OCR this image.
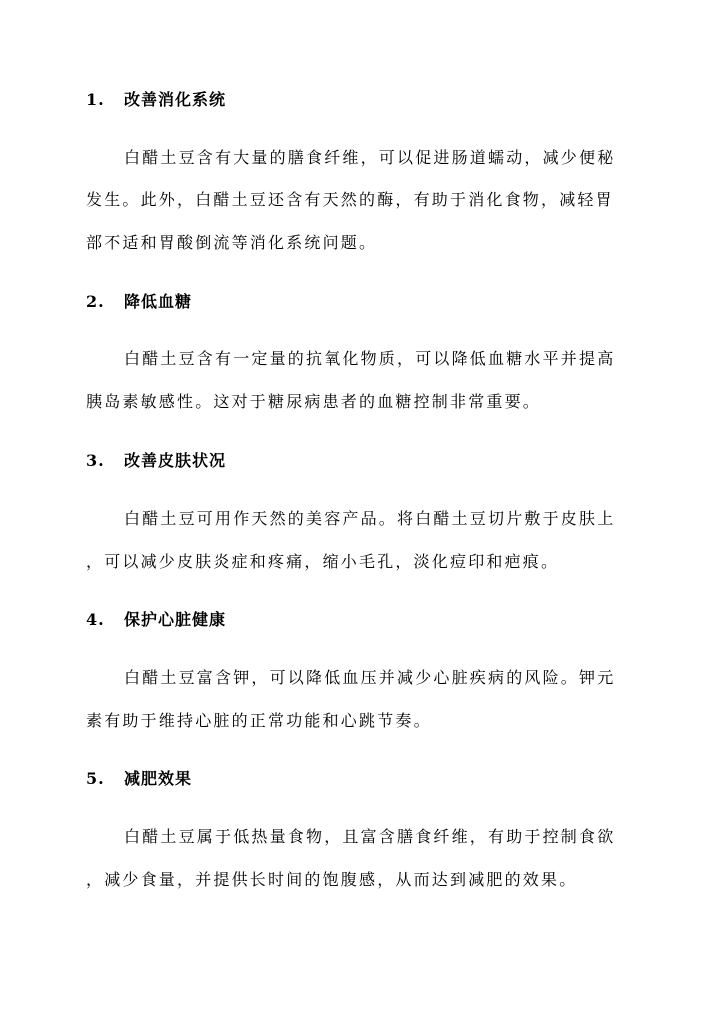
1. 改善消化系统
白醋土豆含有大量的膳食纤维，可以促进肠道蠕动，减少便秘
发生。此外，白醋土豆还含有天然的酶，有助于消化食物，减轻胃
部不适和胃酸倒流等消化系统问题。
2. 降低血糖
白醋土豆含有一定量的抗氧化物质，可以降低血糖水平并提高
胰岛素敏感性。这对于糖尿病患者的血糖控制非常重要。
3. 改善皮肤状况
白醋土豆可用作天然的美容产品。将白醋土豆切片敷于皮肤上
，可以减少皮肤炎症和疼痛，缩小毛孔，淡化痘印和疤痕。
4. 保护心脏健康
白醋土豆富含钾，可以降低血压并减少心脏疾病的风险。钾元
素有助于维持心脏的正常功能和心跳节奏。
5. 减肥效果
白醋土豆属于低热量食物，且富含膳食纤维，有助于控制食欲
，减少食量，并提供长时间的饱腹感，从而达到减肥的效果。
